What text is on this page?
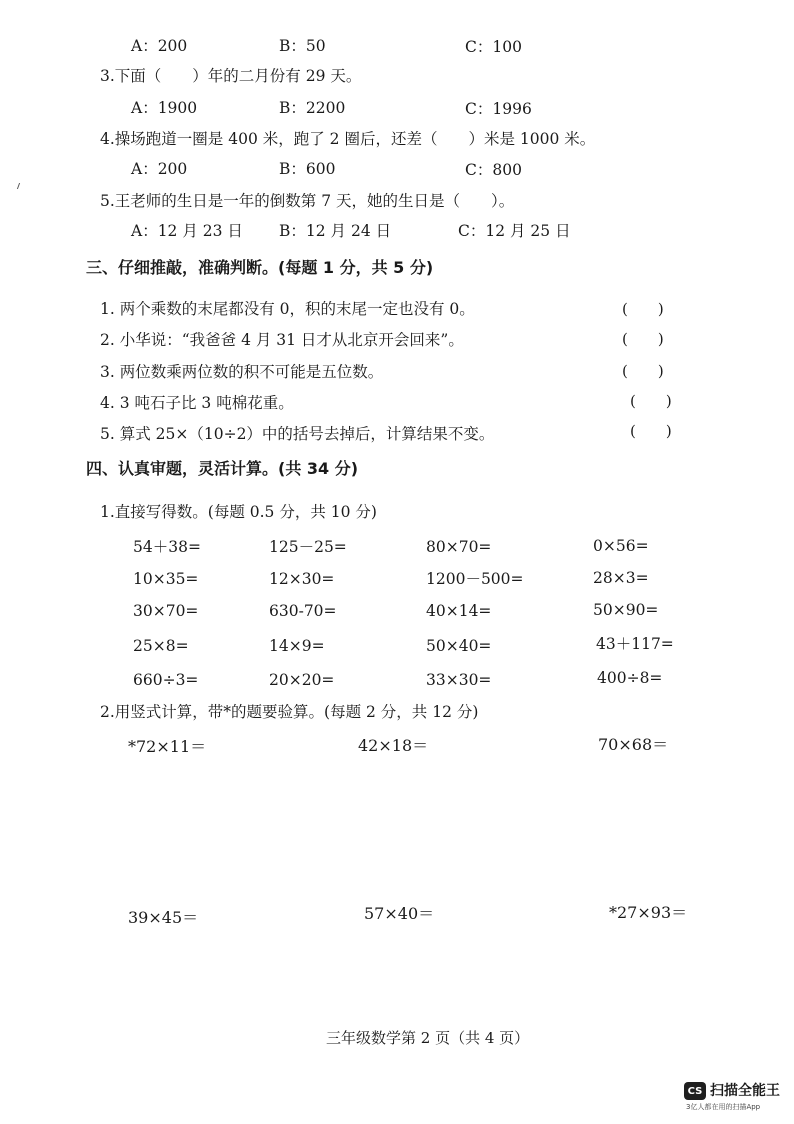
A：200	B：50	C：100
3.下面（　　）年的二月份有 29 天。
A：1900	B：2200	C：1996
4.操场跑道一圈是 400 米，跑了 2 圈后，还差（　　）米是 1000 米。
A：200	B：600	C：800
5.王老师的生日是一年的倒数第 7 天，她的生日是（　　）。
A：12 月 23 日 B：12 月 24 日	C：12 月 25 日
三、仔细推敲，准确判断。(每题 1 分，共 5 分)
1. 两个乘数的末尾都没有 0，积的末尾一定也没有 0。	(　　)
2. 小华说：“我爸爸 4 月 31 日才从北京开会回来”。	(　　)
3. 两位数乘两位数的积不可能是五位数。	(　　)
4. 3 吨石子比 3 吨棉花重。	(　　)
5. 算式 25×（10÷2）中的括号去掉后，计算结果不变。	(　　)
四、认真审题，灵活计算。(共 34 分)
1.直接写得数。(每题 0.5 分，共 10 分)
54＋38=	125－25=	80×70=	0×56=
10×35=	12×30=	1200－500=	28×3=
30×70=	630-70=	40×14=	50×90=
25×8=	14×9=	50×40=	43＋117=
660÷3=	20×20=	33×30=	400÷8=
2.用竖式计算，带*的题要验算。(每题 2 分，共 12 分)
*72×11＝	42×18＝	70×68＝
39×45＝	57×40＝	*27×93＝
三年级数学第 2 页（共 4 页）
CS 扫描全能王
3亿人都在用的扫描App
